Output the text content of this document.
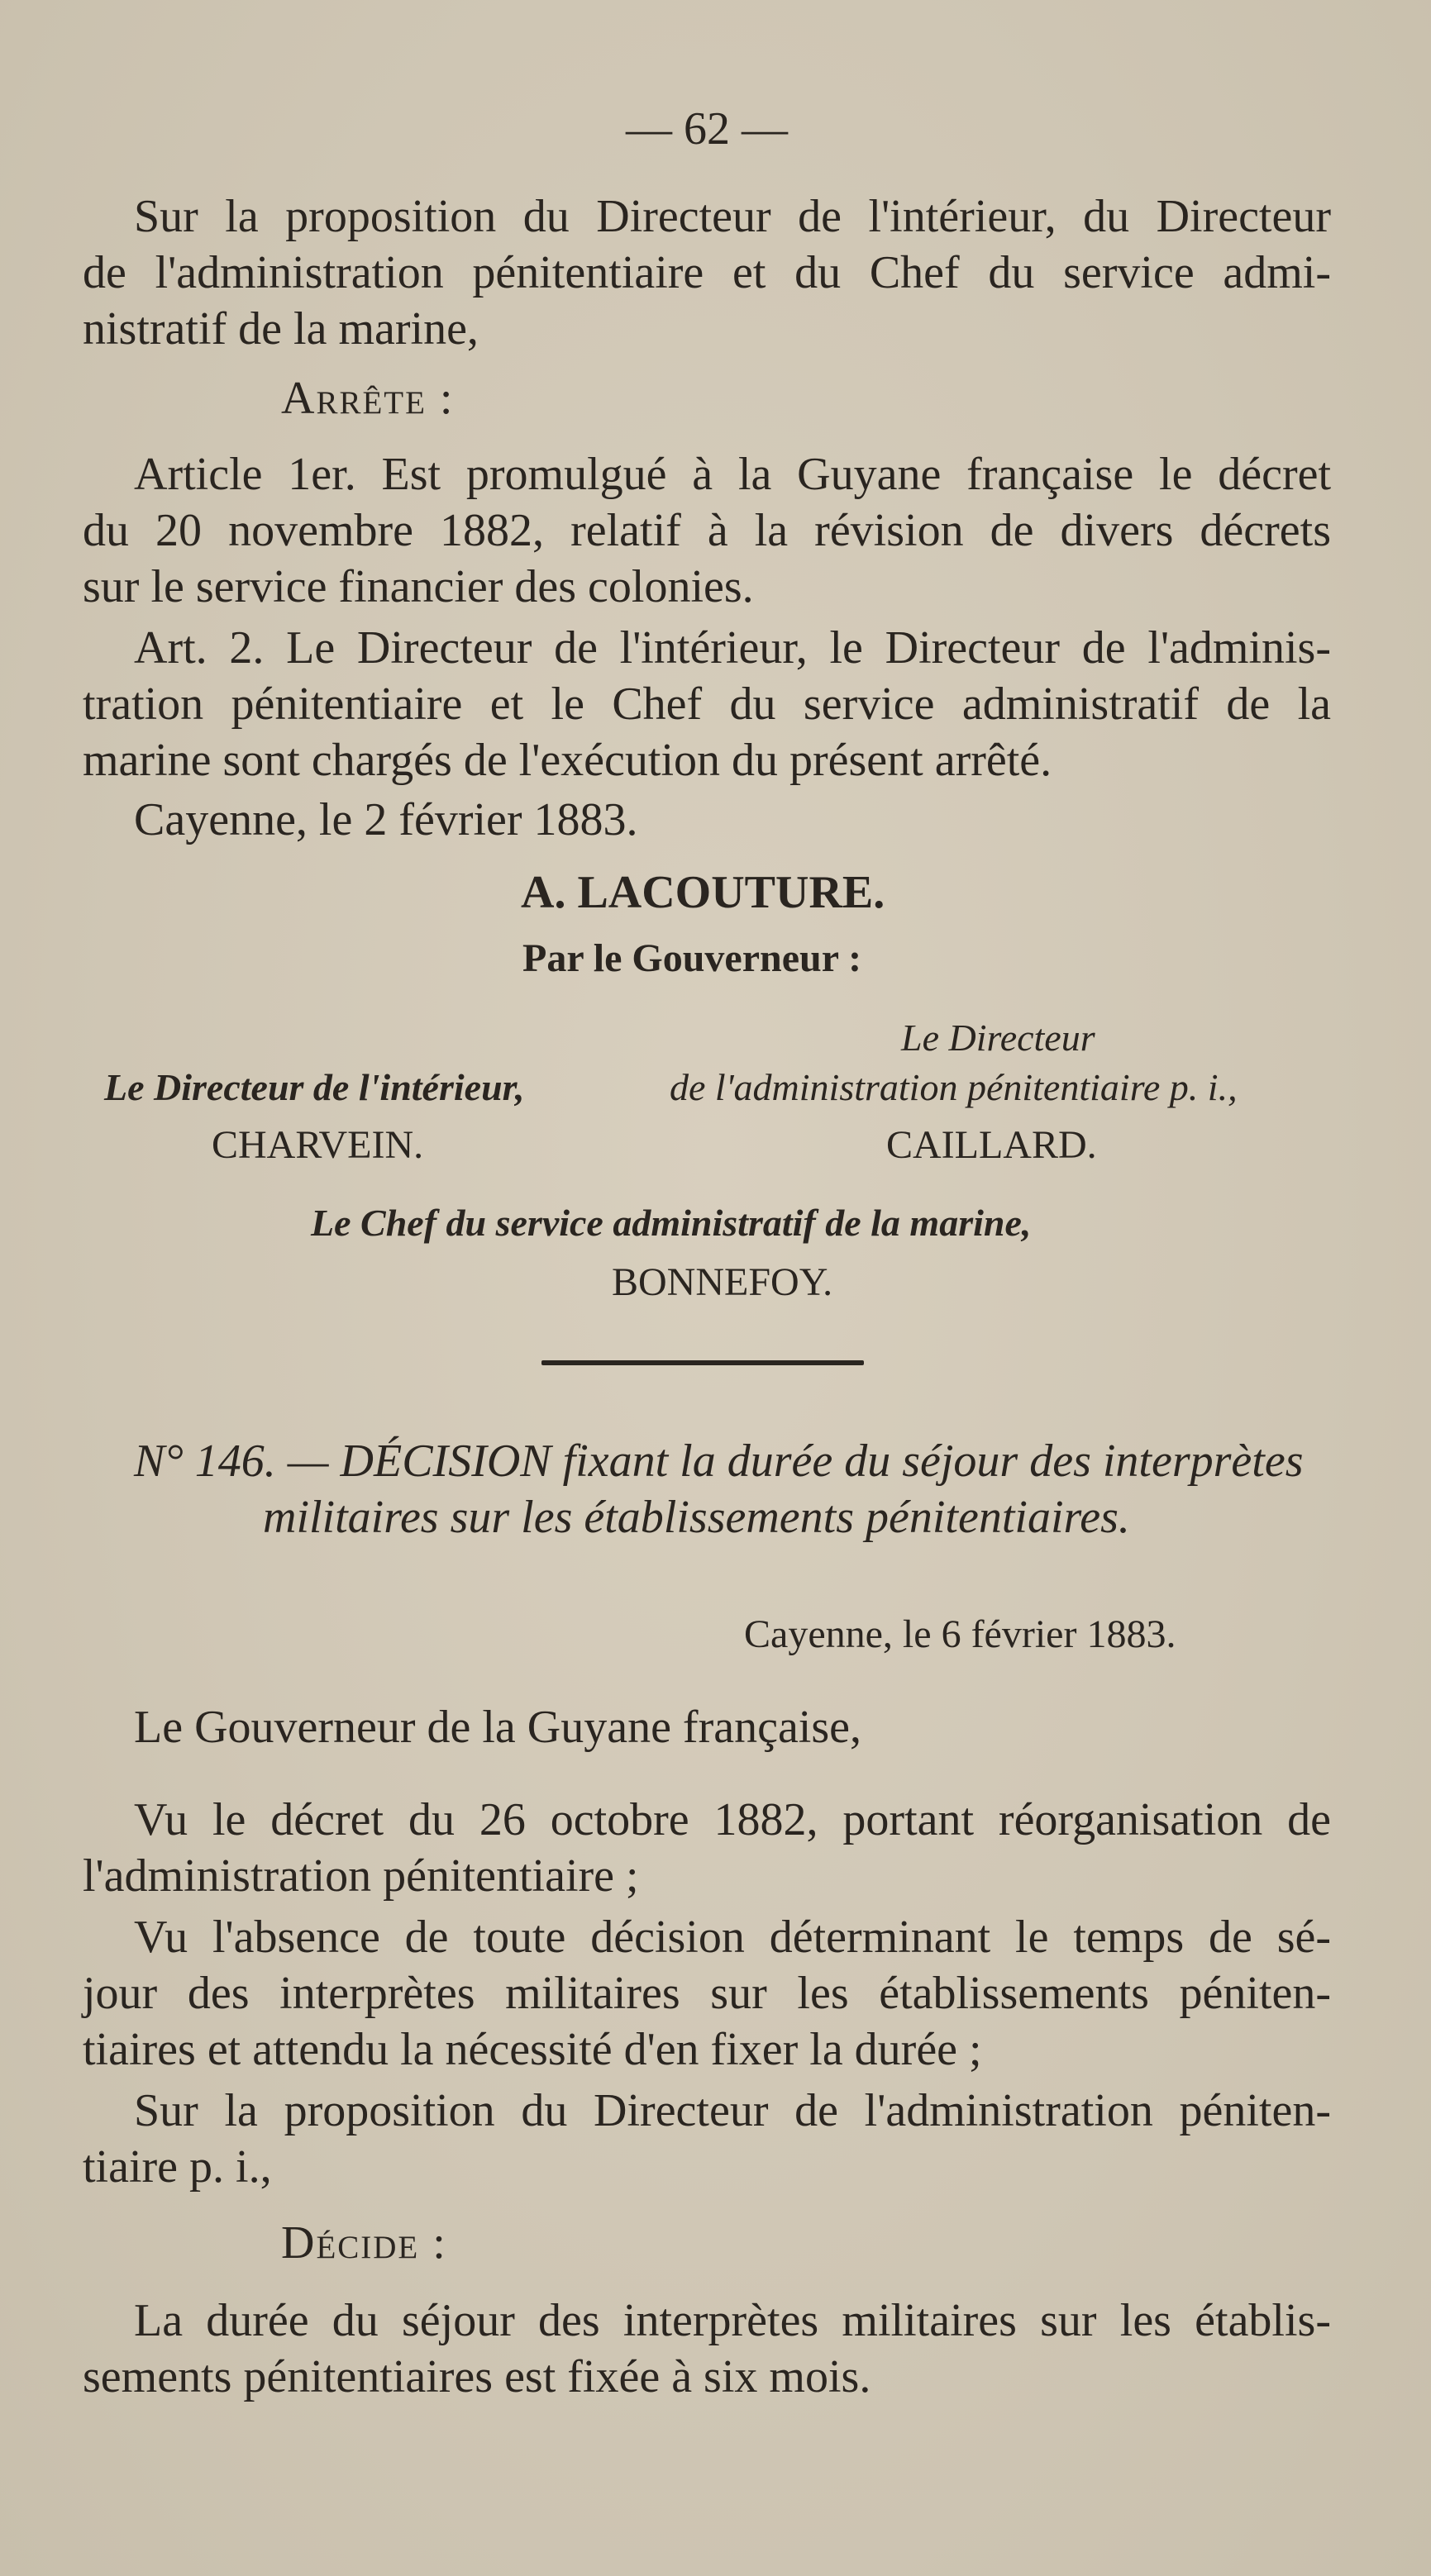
— 62 —
Sur la proposition du Directeur de l'intérieur, du Directeur
de l'administration pénitentiaire et du Chef du service admi-
nistratif de la marine,
Arrête :
Article 1er. Est promulgué à la Guyane française le décret
du 20 novembre 1882, relatif à la révision de divers décrets
sur le service financier des colonies.
Art. 2. Le Directeur de l'intérieur, le Directeur de l'adminis-
tration pénitentiaire et le Chef du service administratif de la
marine sont chargés de l'exécution du présent arrêté.
Cayenne, le 2 février 1883.
A. LACOUTURE.
Par le Gouverneur :
Le Directeur
Le Directeur de l'intérieur,	de l'administration pénitentiaire p. i.,
CHARVEIN.	CAILLARD.
Le Chef du service administratif de la marine,
BONNEFOY.
N° 146. — DÉCISION fixant la durée du séjour des interprètes
militaires sur les établissements pénitentiaires.
Cayenne, le 6 février 1883.
Le Gouverneur de la Guyane française,
Vu le décret du 26 octobre 1882, portant réorganisation de
l'administration pénitentiaire ;
Vu l'absence de toute décision déterminant le temps de sé-
jour des interprètes militaires sur les établissements péniten-
tiaires et attendu la nécessité d'en fixer la durée ;
Sur la proposition du Directeur de l'administration péniten-
tiaire p. i.,
Décide :
La durée du séjour des interprètes militaires sur les établis-
sements pénitentiaires est fixée à six mois.
